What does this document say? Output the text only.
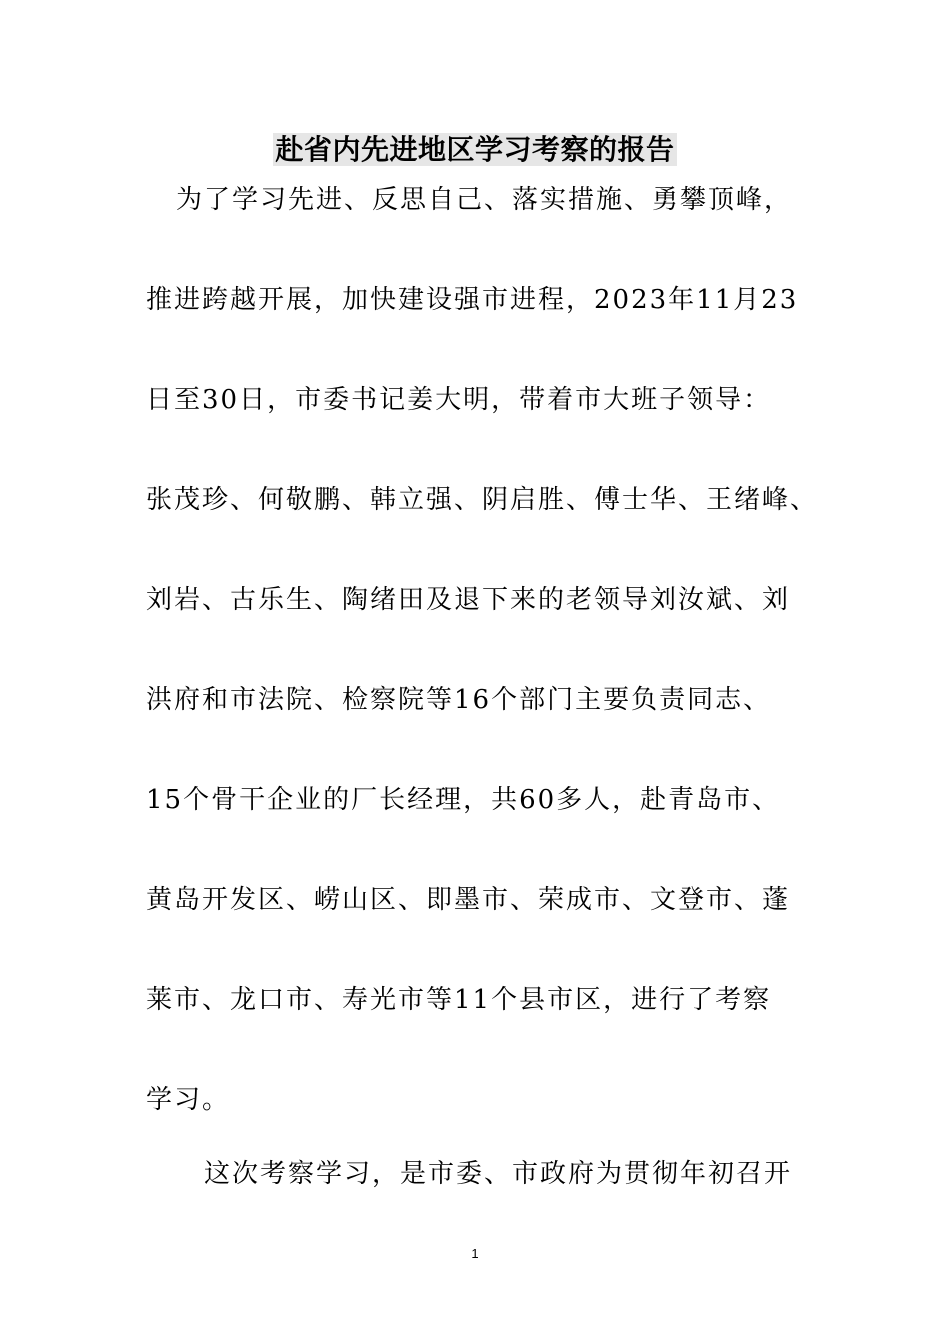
赴省内先进地区学习考察的报告
为了学习先进、反思自己、落实措施、勇攀顶峰，
推进跨越开展，加快建设强市进程，2023年11月23
日至30日，市委书记姜大明，带着市大班子领导：
张茂珍、何敬鹏、韩立强、阴启胜、傅士华、王绪峰、
刘岩、古乐生、陶绪田及退下来的老领导刘汝斌、刘
洪府和市法院、检察院等16个部门主要负责同志、
15个骨干企业的厂长经理，共60多人，赴青岛市、
黄岛开发区、崂山区、即墨市、荣成市、文登市、蓬
莱市、龙口市、寿光市等11个县市区，进行了考察
学习。
这次考察学习，是市委、市政府为贯彻年初召开
1
